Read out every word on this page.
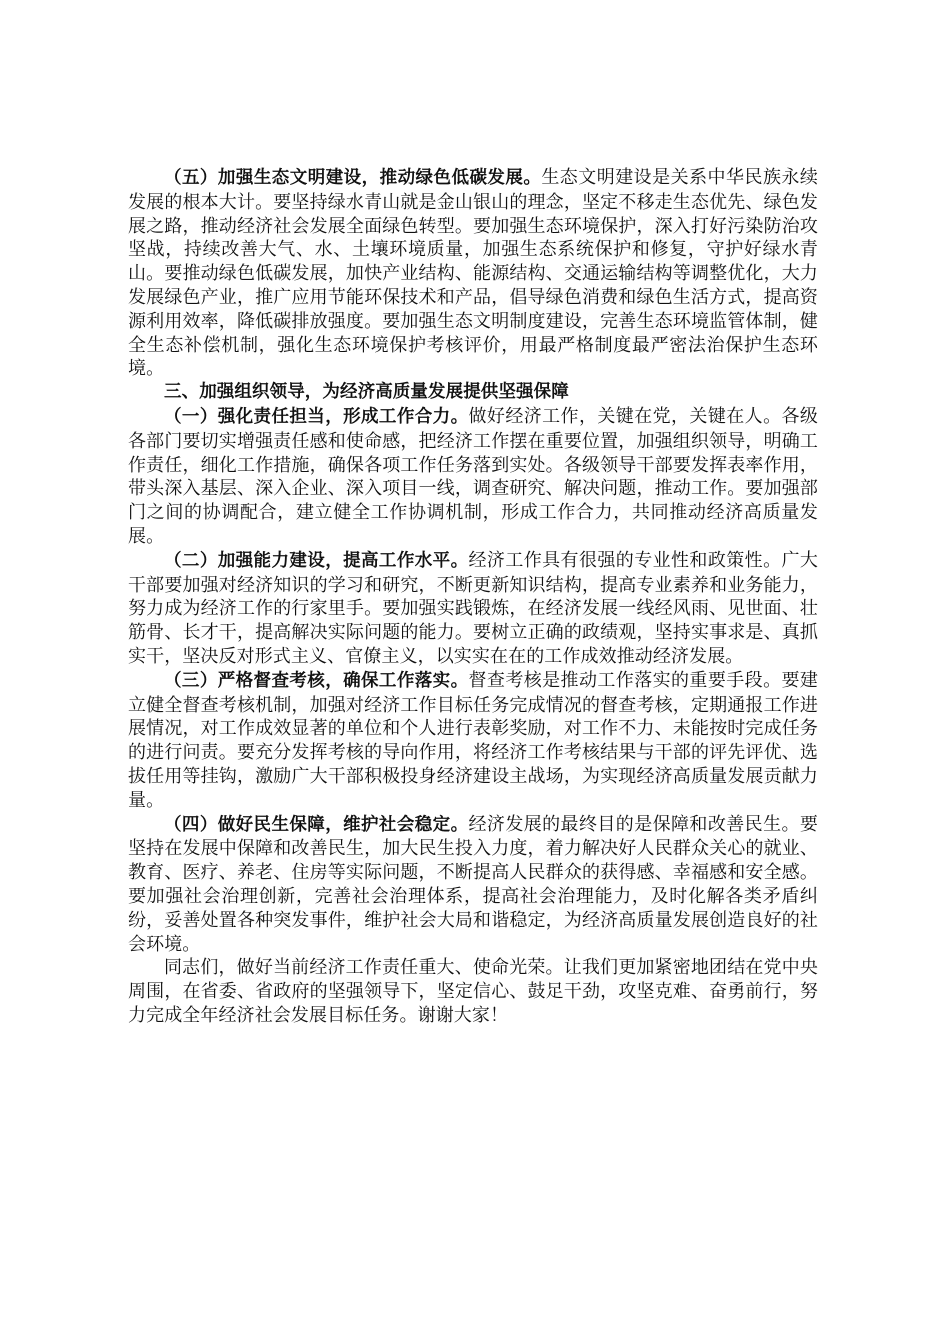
（五）加强生态文明建设，推动绿色低碳发展。生态文明建设是关系中华民族永续发展的根本大计。要坚持绿水青山就是金山银山的理念，坚定不移走生态优先、绿色发展之路，推动经济社会发展全面绿色转型。要加强生态环境保护，深入打好污染防治攻坚战，持续改善大气、水、土壤环境质量，加强生态系统保护和修复，守护好绿水青山。要推动绿色低碳发展，加快产业结构、能源结构、交通运输结构等调整优化，大力发展绿色产业，推广应用节能环保技术和产品，倡导绿色消费和绿色生活方式，提高资源利用效率，降低碳排放强度。要加强生态文明制度建设，完善生态环境监管体制，健全生态补偿机制，强化生态环境保护考核评价，用最严格制度最严密法治保护生态环境。

三、加强组织领导，为经济高质量发展提供坚强保障

（一）强化责任担当，形成工作合力。做好经济工作，关键在党，关键在人。各级各部门要切实增强责任感和使命感，把经济工作摆在重要位置，加强组织领导，明确工作责任，细化工作措施，确保各项工作任务落到实处。各级领导干部要发挥表率作用，带头深入基层、深入企业、深入项目一线，调查研究、解决问题，推动工作。要加强部门之间的协调配合，建立健全工作协调机制，形成工作合力，共同推动经济高质量发展。

（二）加强能力建设，提高工作水平。经济工作具有很强的专业性和政策性。广大干部要加强对经济知识的学习和研究，不断更新知识结构，提高专业素养和业务能力，努力成为经济工作的行家里手。要加强实践锻炼，在经济发展一线经风雨、见世面、壮筋骨、长才干，提高解决实际问题的能力。要树立正确的政绩观，坚持实事求是、真抓实干，坚决反对形式主义、官僚主义，以实实在在的工作成效推动经济发展。

（三）严格督查考核，确保工作落实。督查考核是推动工作落实的重要手段。要建立健全督查考核机制，加强对经济工作目标任务完成情况的督查考核，定期通报工作进展情况，对工作成效显著的单位和个人进行表彰奖励，对工作不力、未能按时完成任务的进行问责。要充分发挥考核的导向作用，将经济工作考核结果与干部的评先评优、选拔任用等挂钩，激励广大干部积极投身经济建设主战场，为实现经济高质量发展贡献力量。

（四）做好民生保障，维护社会稳定。经济发展的最终目的是保障和改善民生。要坚持在发展中保障和改善民生，加大民生投入力度，着力解决好人民群众关心的就业、教育、医疗、养老、住房等实际问题，不断提高人民群众的获得感、幸福感和安全感。要加强社会治理创新，完善社会治理体系，提高社会治理能力，及时化解各类矛盾纠纷，妥善处置各种突发事件，维护社会大局和谐稳定，为经济高质量发展创造良好的社会环境。

同志们，做好当前经济工作责任重大、使命光荣。让我们更加紧密地团结在党中央周围，在省委、省政府的坚强领导下，坚定信心、鼓足干劲，攻坚克难、奋勇前行，努力完成全年经济社会发展目标任务。谢谢大家！
